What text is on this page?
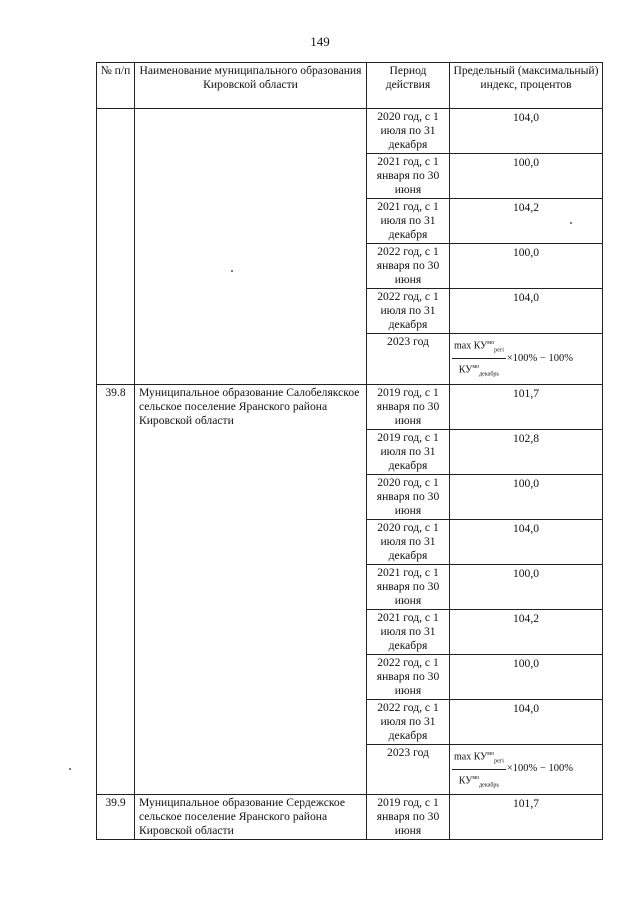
149
№ п/п	Наименование муниципального образования Кировской области	Период действия	Предельный (максимальный) индекс, процентов
		2020 год, с 1 июля по 31 декабря	104,0
		2021 год, с 1 января по 30 июня	100,0
		2021 год, с 1 июля по 31 декабря	104,2
		2022 год, с 1 января по 30 июня	100,0
		2022 год, с 1 июля по 31 декабря	104,0
		2023 год	$\frac{\max КУ^{мо}_{регі}}{КУ^{мо}_{декабрь}} \times 100\% - 100\%$
39.8	Муниципальное образование Салобелякское сельское поселение Яранского района Кировской области	2019 год, с 1 января по 30 июня	101,7
		2019 год, с 1 июля по 31 декабря	102,8
		2020 год, с 1 января по 30 июня	100,0
		2020 год, с 1 июля по 31 декабря	104,0
		2021 год, с 1 января по 30 июня	100,0
		2021 год, с 1 июля по 31 декабря	104,2
		2022 год, с 1 января по 30 июня	100,0
		2022 год, с 1 июля по 31 декабря	104,0
		2023 год	$\frac{\max КУ^{мо}_{регі}}{КУ^{мо}_{декабрь}} \times 100\% - 100\%$
39.9	Муниципальное образование Сердежское сельское поселение Яранского района Кировской области	2019 год, с 1 января по 30 июня	101,7
